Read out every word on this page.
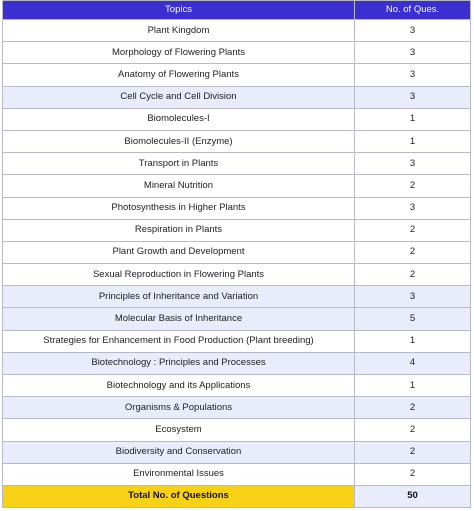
Topics	No. of Ques.
Plant Kingdom	3
Morphology of Flowering Plants	3
Anatomy of Flowering Plants	3
Cell Cycle and Cell Division	3
Biomolecules-I	1
Biomolecules-II (Enzyme)	1
Transport in Plants	3
Mineral Nutrition	2
Photosynthesis in Higher Plants	3
Respiration in Plants	2
Plant Growth and Development	2
Sexual Reproduction in Flowering Plants	2
Principles of Inheritance and Variation	3
Molecular Basis of Inheritance	5
Strategies for Enhancement in Food Production (Plant breeding)	1
Biotechnology : Principles and Processes	4
Biotechnology and its Applications	1
Organisms & Populations	2
Ecosystem	2
Biodiversity and Conservation	2
Environmental Issues	2
Total No. of Questions	50
